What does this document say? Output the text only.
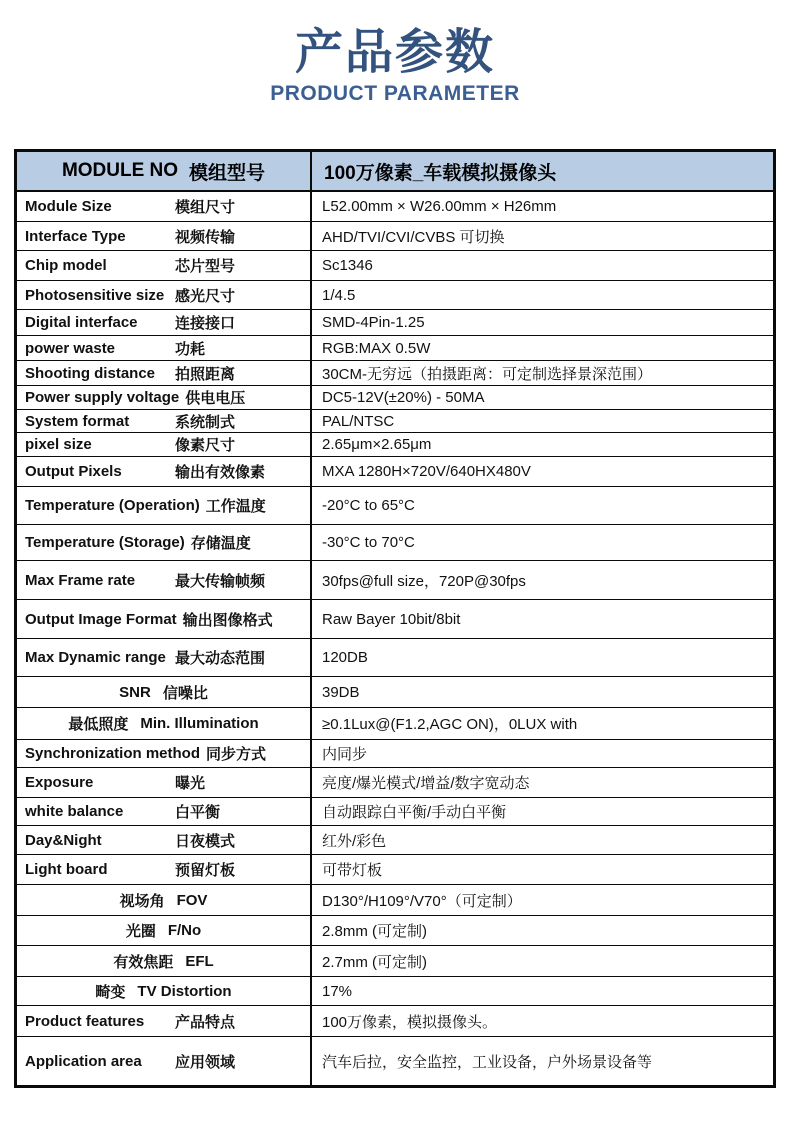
产品参数
PRODUCT PARAMETER
MODULE NO 模组型号	100万像素_车载模拟摄像头
Module Size	模组尺寸	L52.00mm × W26.00mm × H26mm
Interface Type	视频传输	AHD/TVI/CVI/CVBS 可切换
Chip model	芯片型号	Sc1346
Photosensitive size 感光尺寸	1/4.5
Digital interface	连接接口	SMD-4Pin-1.25
power waste	功耗	RGB:MAX 0.5W
Shooting distance	拍照距离	30CM-无穷远（拍摄距离：可定制选择景深范围）
Power supply voltage 供电电压	DC5-12V(±20%) - 50MA
System format	系统制式	PAL/NTSC
pixel size	像素尺寸	2.65μm×2.65μm
Output Pixels	输出有效像素	MXA 1280H×720V/640HX480V
Temperature (Operation) 工作温度	-20°C to 65°C
Temperature (Storage) 存储温度	-30°C to 70°C
Max Frame rate	最大传输帧频	30fps@full size，720P@30fps
Output Image Format 输出图像格式	Raw Bayer 10bit/8bit
Max Dynamic range 最大动态范围	120DB
SNR 信噪比	39DB
最低照度 Min. Illumination	≥0.1Lux@(F1.2,AGC ON)，0LUX with
Synchronization method 同步方式	内同步
Exposure	曝光	亮度/爆光模式/增益/数字宽动态
white balance	白平衡	自动跟踪白平衡/手动白平衡
Day&Night	日夜模式	红外/彩色
Light board	预留灯板	可带灯板
视场角 FOV	D130°/H109°/V70°（可定制）
光圈 F/No	2.8mm (可定制)
有效焦距 EFL	2.7mm (可定制)
畸变 TV Distortion	17%
Product features	产品特点	100万像素，模拟摄像头。
Application area	应用领域	汽车后拉，安全监控，工业设备，户外场景设备等
